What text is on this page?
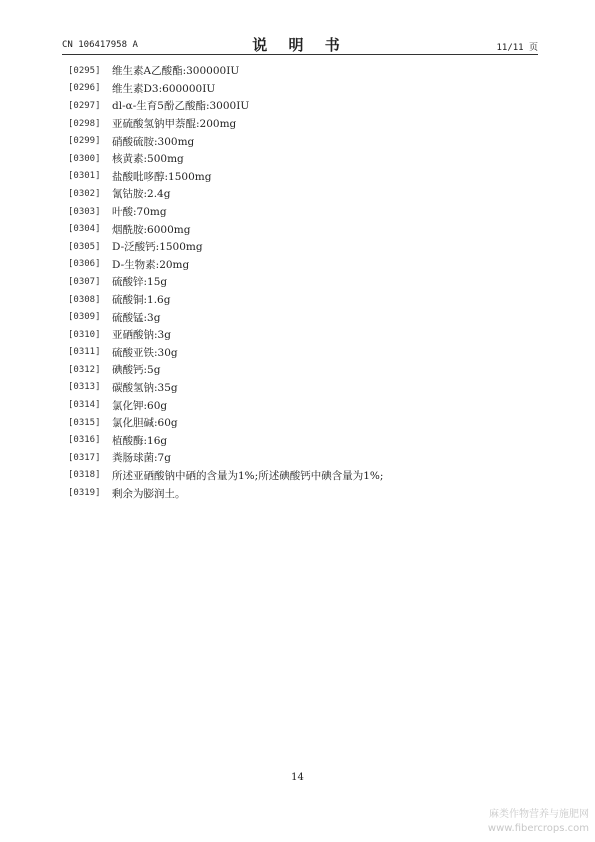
CN 106417958 A	说 明 书	11/11 页
[0295]	维生素A乙酸酯:300000IU
[0296]	维生素D3:600000IU
[0297]	dl-α-生育5酚乙酸酯:3000IU
[0298]	亚硫酸氢钠甲萘醌:200mg
[0299]	硝酸硫胺:300mg
[0300]	核黄素:500mg
[0301]	盐酸吡哆醇:1500mg
[0302]	氰钴胺:2.4g
[0303]	叶酸:70mg
[0304]	烟酰胺:6000mg
[0305]	D-泛酸钙:1500mg
[0306]	D-生物素:20mg
[0307]	硫酸锌:15g
[0308]	硫酸铜:1.6g
[0309]	硫酸锰:3g
[0310]	亚硒酸钠:3g
[0311]	硫酸亚铁:30g
[0312]	碘酸钙:5g
[0313]	碳酸氢钠:35g
[0314]	氯化钾:60g
[0315]	氯化胆碱:60g
[0316]	植酸酶:16g
[0317]	粪肠球菌:7g
[0318]	所述亚硒酸钠中硒的含量为1%;所述碘酸钙中碘含量为1%;
[0319]	剩余为膨润土。
14
麻类作物营养与施肥网
www.fibercrops.com
